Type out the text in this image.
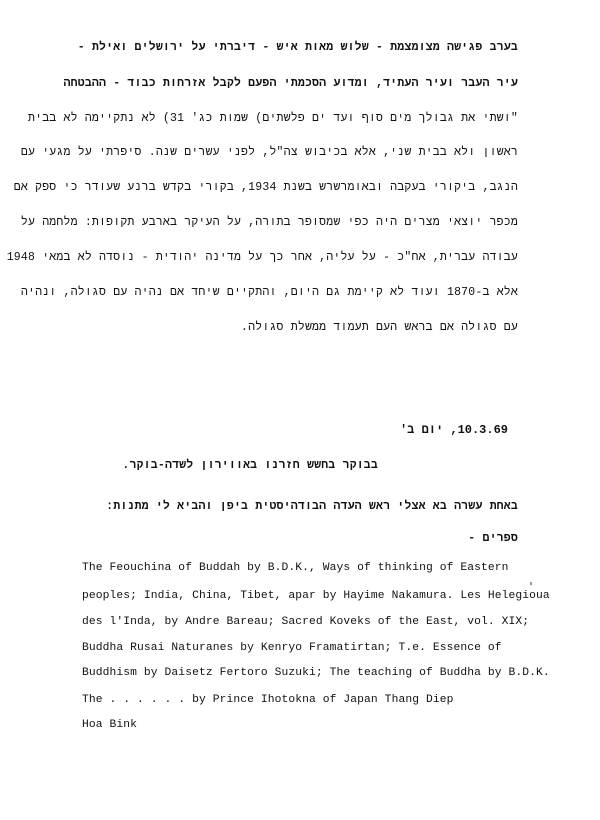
בערב פגישה מצומצמת - שלוש מאות איש - דיברתי על ירושלים ואילת -
עיר העבר ועיר העתיד, ומדוע הסכמתי הפעם לקבל אזרחות כבוד - ההבטחה
"ושתי את גבולך מים סוף ועד ים פלשתים) שמות כג' 31) לא נתקיימה לא בבית
ראשון ולא בבית שני, אלא בכיבוש צה"ל, לפני עשרים שנה. סיפרתי על מגעי עם
הנגב, ביקורי בעקבה ובאומרשרש בשנת 1934, בקורי בקדש ברנע שעודר כי ספק אם
מכפר יוצאי מצרים היה כפי שמסופר בתורה, על העיקר בארבע תקופות: מלחמה על
עבודה עברית, אח"כ - על עליה, אחר כך על מדינה יהודית - נוסדה לא במאי 1948
אלא ב-1870 ועוד לא קיימת גם היום, והתקיים שיחד אם נהיה עם סגולה, ונהיה
עם סגולה אם בראש העם תעמוד ממשלת סגולה.
10.3.69, יום ב'
בבוקר בחשש חזרנו באווירון לשדה-בוקר.
באחת עשרה בא אצלי ראש העדה הבודהיסטית ביפן והביא לי מתנות:
ספרים -
י
The Feouchina of Buddah by B.D.K., Ways of thinking of Eastern
peoples; India, China, Tibet, apar by Hayime Nakamura. Les Helegioua
des l'Inda, by Andre Bareau; Sacred Koveks of the East, vol. XIX;
Buddha Rusai Naturanes by Kenryo Framatirtan; T.e. Essence of
Buddhism by Daisetz Fertoro Suzuki; The teaching of Buddha by B.D.K.
The . . . . . . by Prince Ihotokna of Japan Thang Diep
Hoa Bink
